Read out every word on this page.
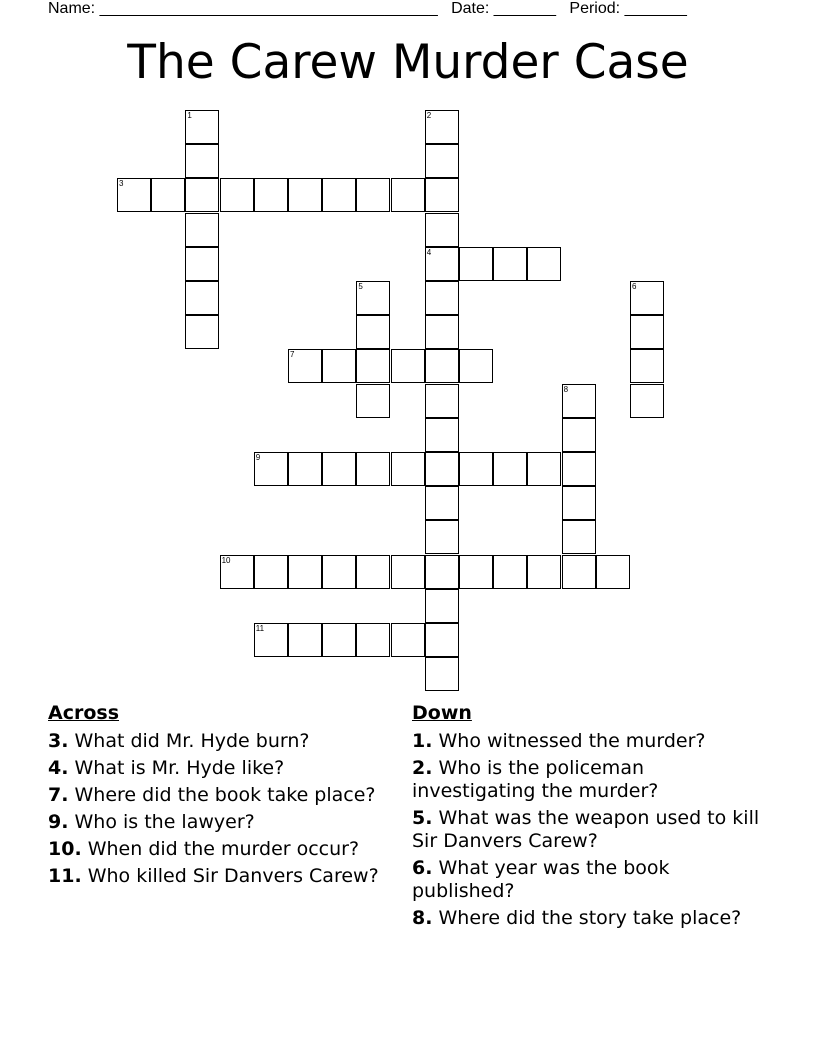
Name: ______________________________________ Date: _______ Period: _______
The Carew Murder Case
1	2
4
3
5	6
7
8
9
10
11
Across
3. What did Mr. Hyde burn?
4. What is Mr. Hyde like?
7. Where did the book take place?
9. Who is the lawyer?
10. When did the murder occur?
11. Who killed Sir Danvers Carew?
Down
1. Who witnessed the murder?
2. Who is the policeman investigating the murder?
5. What was the weapon used to kill Sir Danvers Carew?
6. What year was the book published?
8. Where did the story take place?
